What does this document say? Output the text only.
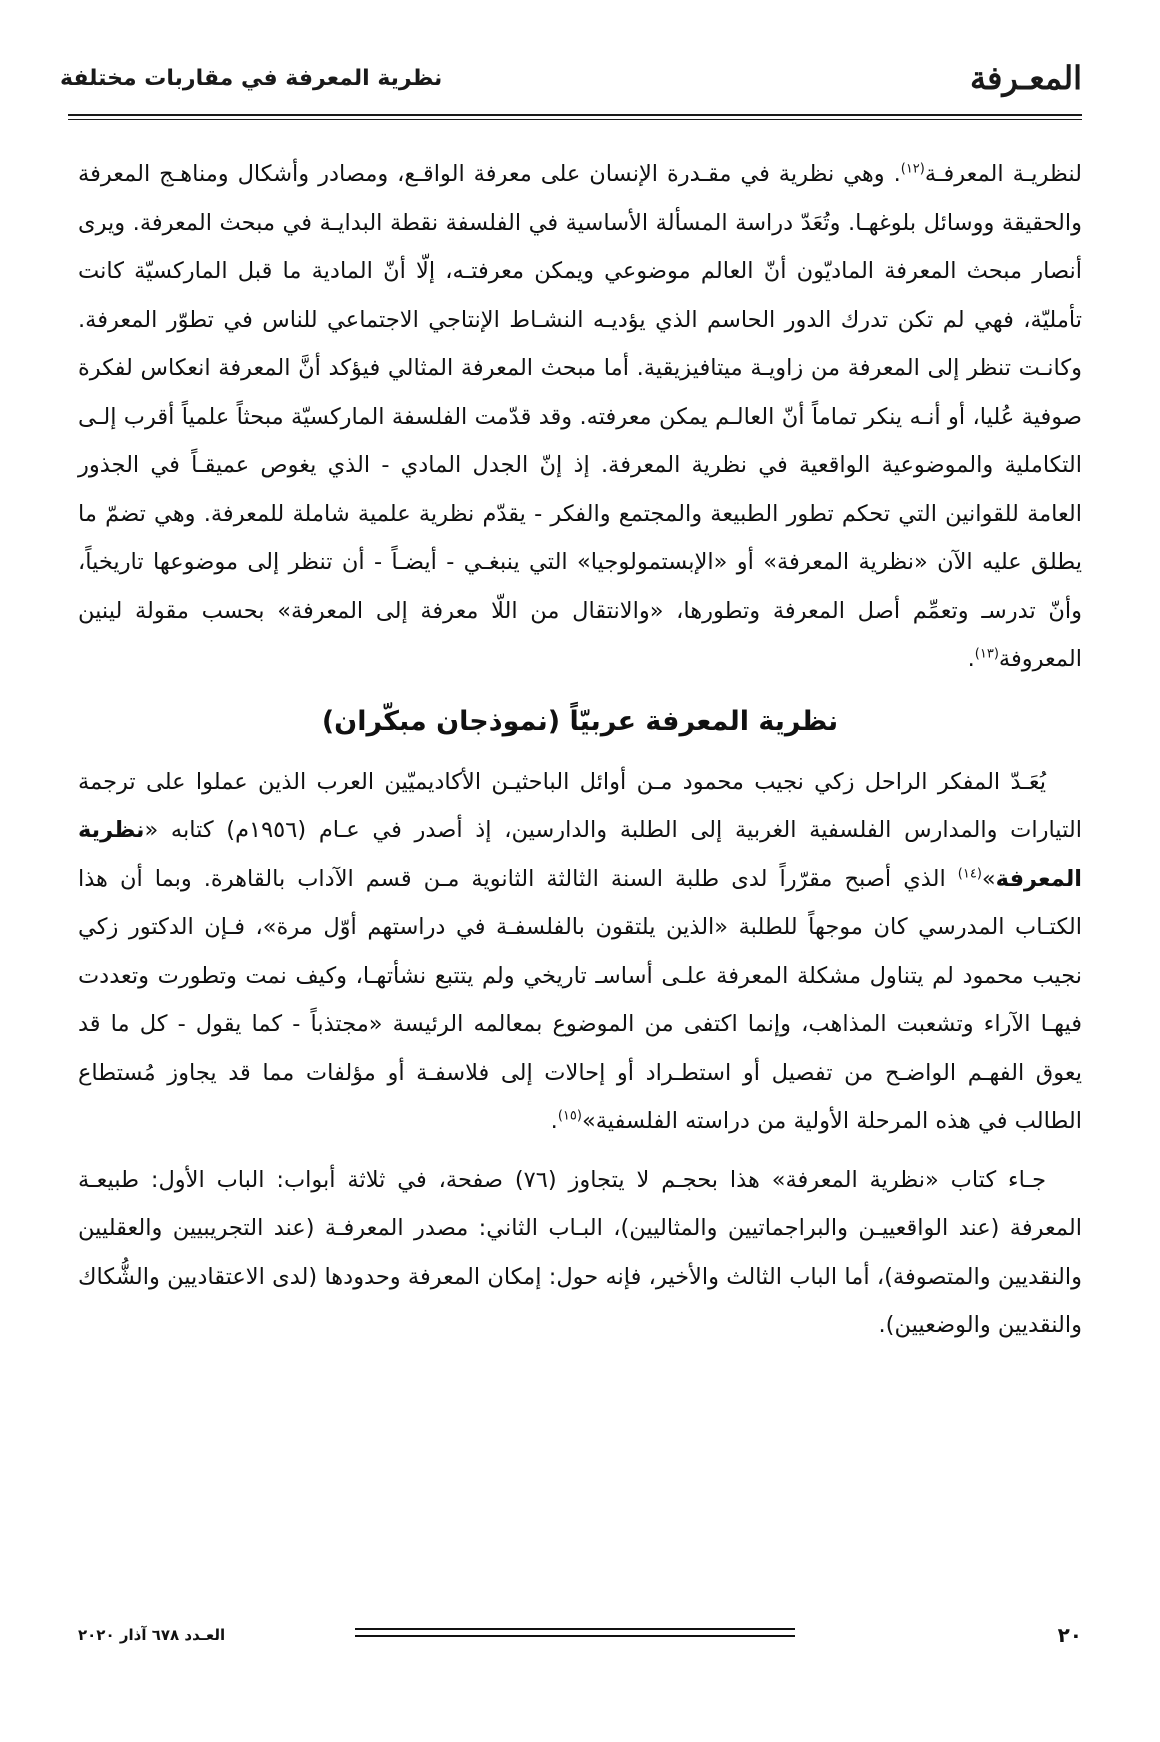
المعـرفة
نظرية المعرفة في مقاربات مختلفة

لنظريـة المعرفـة$^{(١٢)}$. وهي نظرية في مقـدرة الإنسان على معرفة الواقـع، ومصادر وأشكال ومناهـج المعرفة والحقيقة ووسائل بلوغهـا. وتُعَدّ دراسة المسألة الأساسية في الفلسفة نقطة البدايـة في مبحث المعرفة. ويرى أنصار مبحث المعرفة الماديّون أنّ العالم موضوعي ويمكن معرفتـه، إلّا أنّ المادية ما قبل الماركسيّة كانت تأمليّة، فهي لم تكن تدرك الدور الحاسم الذي يؤديـه النشـاط الإنتاجي الاجتماعي للناس في تطوّر المعرفة. وكانـت تنظر إلى المعرفة من زاويـة ميتافيزيقية. أما مبحث المعرفة المثالي فيؤكد أنَّ المعرفة انعكاس لفكرة صوفية عُليا، أو أنـه ينكر تماماً أنّ العالـم يمكن معرفته. وقد قدّمت الفلسفة الماركسيّة مبحثاً علمياً أقرب إلـى التكاملية والموضوعية الواقعية في نظرية المعرفة. إذ إنّ الجدل المادي - الذي يغوص عميقـاً في الجذور العامة للقوانين التي تحكم تطور الطبيعة والمجتمع والفكر - يقدّم نظرية علمية شاملة للمعرفة. وهي تضمّ ما يطلق عليه الآن «نظرية المعرفة» أو «الإبستمولوجيا» التي ينبغـي - أيضـاً - أن تنظر إلى موضوعها تاريخياً، وأنّ تدرسـ وتعمِّم أصل المعرفة وتطورها، «والانتقال من اللّا معرفة إلى المعرفة» بحسب مقولة لينين المعروفة$^{(١٣)}$.

نظرية المعرفة عربيّاً (نموذجان مبكّران)

يُعَـدّ المفكر الراحل زكي نجيب محمود مـن أوائل الباحثيـن الأكاديميّين العرب الذين عملوا على ترجمة التيارات والمدارس الفلسفية الغربية إلى الطلبة والدارسين، إذ أصدر في عـام (١٩٥٦م) كتابه «نظرية المعرفة»$^{(١٤)}$ الذي أصبح مقرّراً لدى طلبة السنة الثالثة الثانوية مـن قسم الآداب بالقاهرة. وبما أن هذا الكتـاب المدرسي كان موجهاً للطلبة «الذين يلتقون بالفلسفـة في دراستهم أوّل مرة»، فـإن الدكتور زكي نجيب محمود لم يتناول مشكلة المعرفة علـى أساسـ تاريخي ولم يتتبع نشأتهـا، وكيف نمت وتطورت وتعددت فيهـا الآراء وتشعبت المذاهب، وإنما اكتفى من الموضوع بمعالمه الرئيسة «مجتذباً - كما يقول - كل ما قد يعوق الفهـم الواضـح من تفصيل أو استطـراد أو إحالات إلى فلاسفـة أو مؤلفات مما قد يجاوز مُستطاع الطالب في هذه المرحلة الأولية من دراسته الفلسفية»$^{(١٥)}$.

جـاء كتاب «نظرية المعرفة» هذا بحجـم لا يتجاوز (٧٦) صفحة، في ثلاثة أبواب: الباب الأول: طبيعـة المعرفة (عند الواقعييـن والبراجماتيين والمثاليين)، البـاب الثاني: مصدر المعرفـة (عند التجريبيين والعقليين والنقديين والمتصوفة)، أما الباب الثالث والأخير، فإنه حول: إمكان المعرفة وحدودها (لدى الاعتقاديين والشُّكاك والنقديين والوضعيين).

٢٠
العـدد ٦٧٨ آذار ٢٠٢٠
